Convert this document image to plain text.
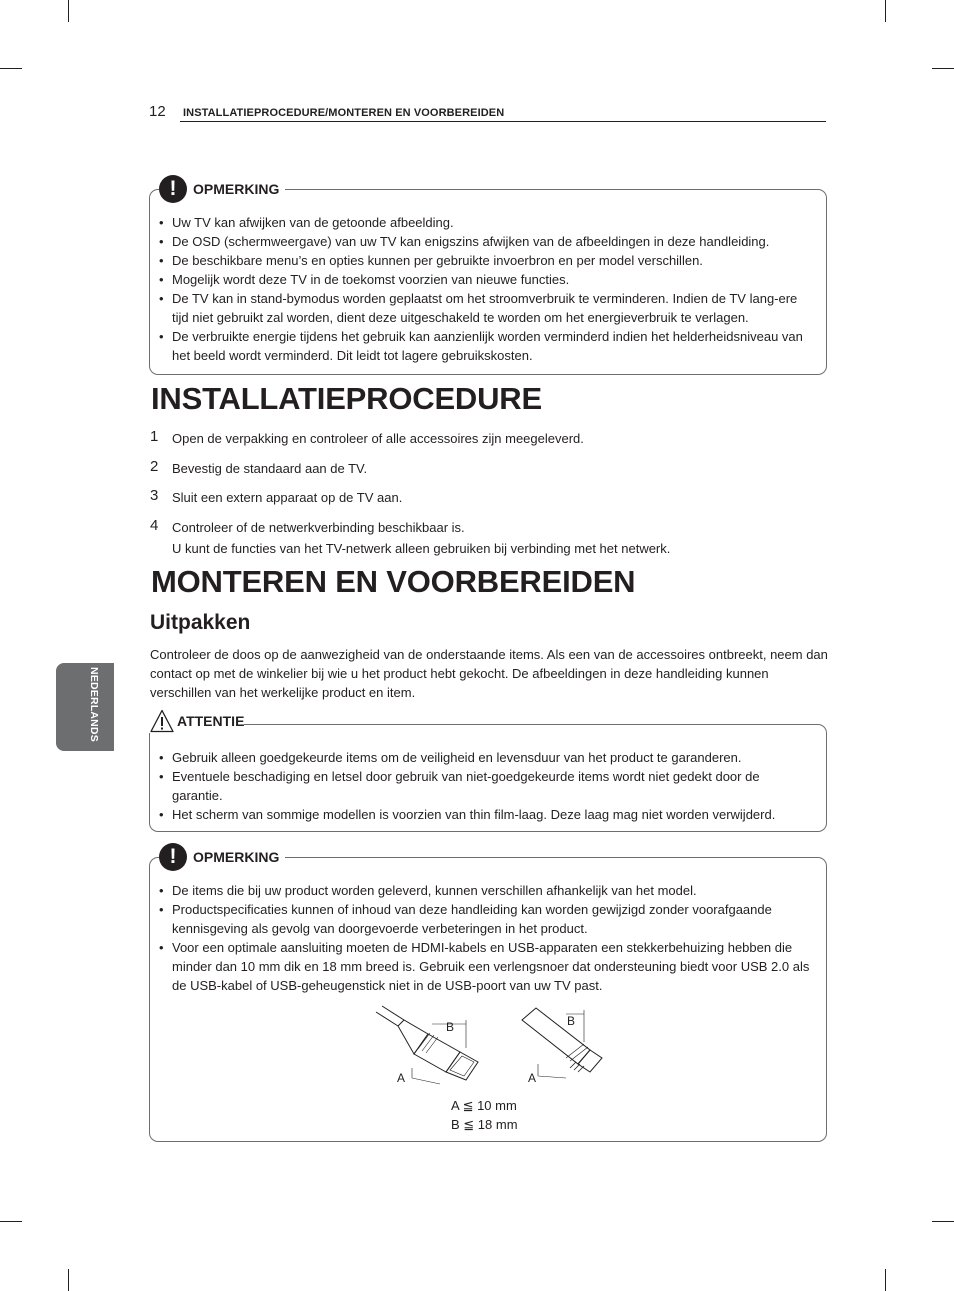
12 INSTALLATIEPROCEDURE/MONTEREN EN VOORBEREIDEN
NEDERLANDS
!	OPMERKING
• Uw TV kan afwijken van de getoonde afbeelding.
• De OSD (schermweergave) van uw TV kan enigszins afwijken van de afbeeldingen in deze handleiding.
• De beschikbare menu’s en opties kunnen per gebruikte invoerbron en per model verschillen.
• Mogelijk wordt deze TV in de toekomst voorzien van nieuwe functies.
• De TV kan in stand-bymodus worden geplaatst om het stroomverbruik te verminderen. Indien de TV lang-ere tijd niet gebruikt zal worden, dient deze uitgeschakeld te worden om het energieverbruik te verlagen.
• De verbruikte energie tijdens het gebruik kan aanzienlijk worden verminderd indien het helderheidsniveau van het beeld wordt verminderd. Dit leidt tot lagere gebruikskosten.
INSTALLATIEPROCEDURE
1 Open de verpakking en controleer of alle accessoires zijn meegeleverd.
2 Bevestig de standaard aan de TV.
3 Sluit een extern apparaat op de TV aan.
4 Controleer of de netwerkverbinding beschikbaar is.
U kunt de functies van het TV-netwerk alleen gebruiken bij verbinding met het netwerk.
MONTEREN EN VOORBEREIDEN
Uitpakken
Controleer de doos op de aanwezigheid van de onderstaande items. Als een van de accessoires ontbreekt, neem dan contact op met de winkelier bij wie u het product hebt gekocht. De afbeeldingen in deze handleiding kunnen verschillen van het werkelijke product en item.
ATTENTIE
• Gebruik alleen goedgekeurde items om de veiligheid en levensduur van het product te garanderen.
• Eventuele beschadiging en letsel door gebruik van niet-goedgekeurde items wordt niet gedekt door de garantie.
• Het scherm van sommige modellen is voorzien van thin film-laag. Deze laag mag niet worden verwijderd.
!	OPMERKING
• De items die bij uw product worden geleverd, kunnen verschillen afhankelijk van het model.
• Productspecificaties kunnen of inhoud van deze handleiding kan worden gewijzigd zonder voorafgaande kennisgeving als gevolg van doorgevoerde verbeteringen in het product.
• Voor een optimale aansluiting moeten de HDMI-kabels en USB-apparaten een stekkerbehuizing hebben die minder dan 10 mm dik en 18 mm breed is. Gebruik een verlengsnoer dat ondersteuning biedt voor USB 2.0 als de USB-kabel of USB-geheugenstick niet in de USB-poort van uw TV past.
B
A
B
A
A ≦ 10 mm
B ≦ 18 mm
